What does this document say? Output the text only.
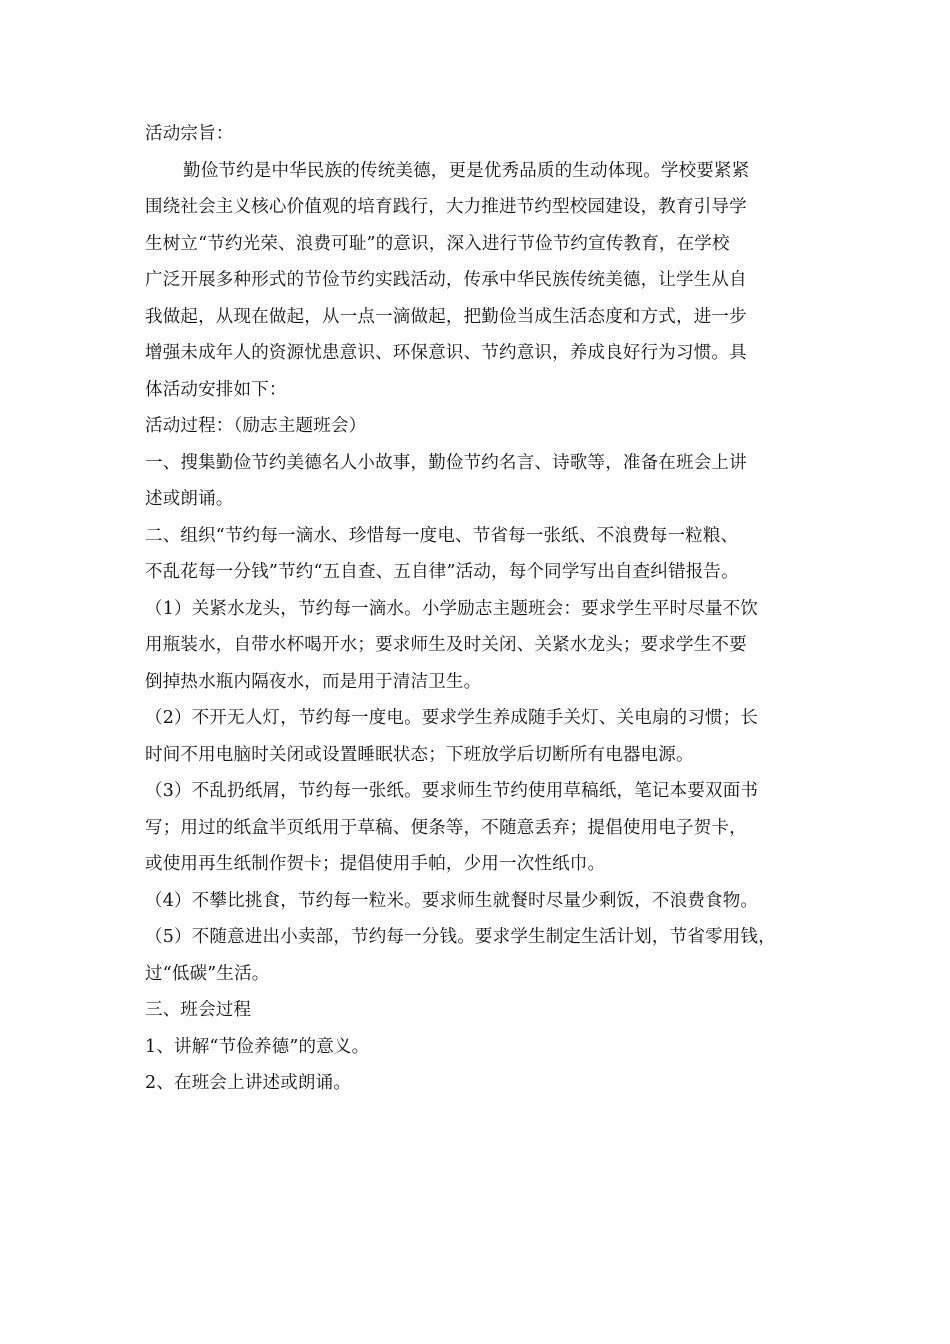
活动宗旨：
勤俭节约是中华民族的传统美德，更是优秀品质的生动体现。学校要紧紧
围绕社会主义核心价值观的培育践行，大力推进节约型校园建设，教育引导学
生树立“节约光荣、浪费可耻”的意识，深入进行节俭节约宣传教育，在学校
广泛开展多种形式的节俭节约实践活动，传承中华民族传统美德，让学生从自
我做起，从现在做起，从一点一滴做起，把勤俭当成生活态度和方式，进一步
增强未成年人的资源忧患意识、环保意识、节约意识，养成良好行为习惯。具
体活动安排如下：
活动过程：（励志主题班会）
一、搜集勤俭节约美德名人小故事，勤俭节约名言、诗歌等，准备在班会上讲
述或朗诵。
二、组织“节约每一滴水、珍惜每一度电、节省每一张纸、不浪费每一粒粮、
不乱花每一分钱”节约“五自查、五自律”活动，每个同学写出自查纠错报告。
（1）关紧水龙头，节约每一滴水。小学励志主题班会：要求学生平时尽量不饮
用瓶装水，自带水杯喝开水；要求师生及时关闭、关紧水龙头；要求学生不要
倒掉热水瓶内隔夜水，而是用于清洁卫生。
（2）不开无人灯，节约每一度电。要求学生养成随手关灯、关电扇的习惯；长
时间不用电脑时关闭或设置睡眠状态；下班放学后切断所有电器电源。
（3）不乱扔纸屑，节约每一张纸。要求师生节约使用草稿纸，笔记本要双面书
写；用过的纸盒半页纸用于草稿、便条等，不随意丢弃；提倡使用电子贺卡，
或使用再生纸制作贺卡；提倡使用手帕，少用一次性纸巾。
（4）不攀比挑食，节约每一粒米。要求师生就餐时尽量少剩饭，不浪费食物。
（5）不随意进出小卖部，节约每一分钱。要求学生制定生活计划，节省零用钱，
过“低碳”生活。
三、班会过程
1、讲解“节俭养德”的意义。
2、在班会上讲述或朗诵。
